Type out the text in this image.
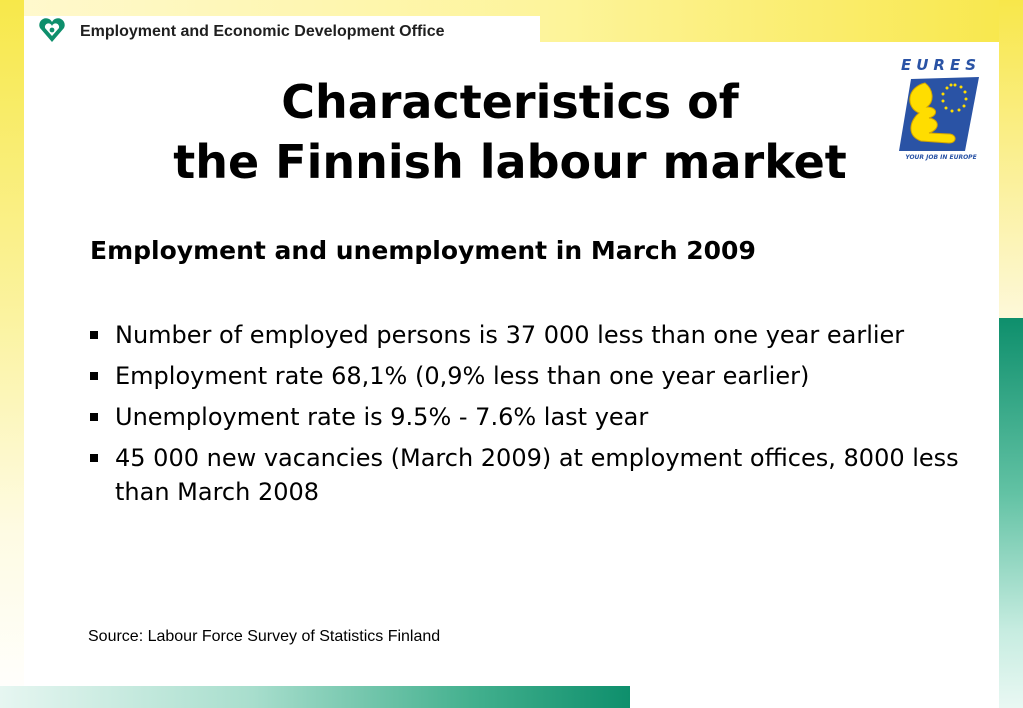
Employment and Economic Development Office
Characteristics of
the Finnish labour market
EURES
YOUR JOB IN EUROPE
Employment and unemployment in March 2009
Number of employed persons is 37 000 less than one year earlier
Employment rate 68,1% (0,9% less than one year earlier)
Unemployment rate is 9.5% - 7.6% last year
45 000 new vacancies (March 2009) at employment offices, 8000 less than March 2008
Source: Labour Force Survey of Statistics Finland
